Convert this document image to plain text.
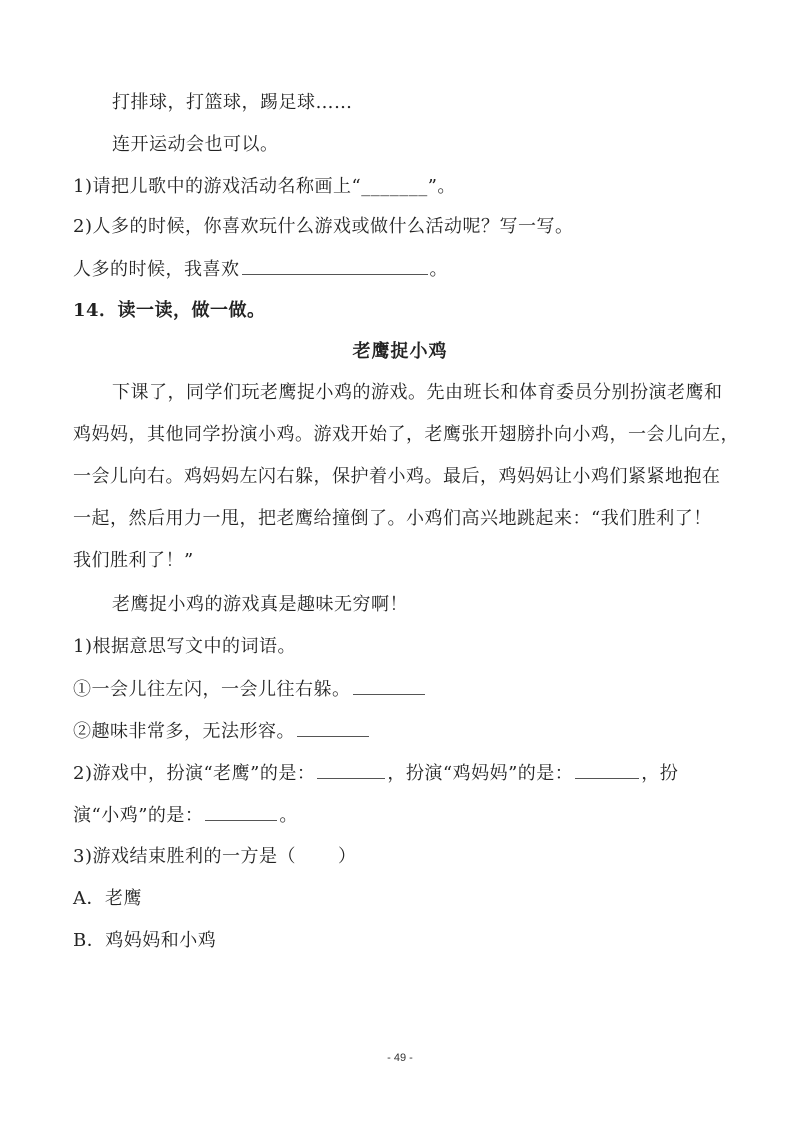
打排球，打篮球，踢足球……
连开运动会也可以。
1)请把儿歌中的游戏活动名称画上“_______”。
2)人多的时候，你喜欢玩什么游戏或做什么活动呢？写一写。
人多的时候，我喜欢	。
14．读一读，做一做。
老鹰捉小鸡
下课了，同学们玩老鹰捉小鸡的游戏。先由班长和体育委员分别扮演老鹰和
鸡妈妈，其他同学扮演小鸡。游戏开始了，老鹰张开翅膀扑向小鸡，一会儿向左，
一会儿向右。鸡妈妈左闪右躲，保护着小鸡。最后，鸡妈妈让小鸡们紧紧地抱在
一起，然后用力一甩，把老鹰给撞倒了。小鸡们高兴地跳起来：“我们胜利了！
我们胜利了！”
老鹰捉小鸡的游戏真是趣味无穷啊！
1)根据意思写文中的词语。
①一会儿往左闪，一会儿往右躲。
②趣味非常多，无法形容。
2)游戏中，扮演“老鹰”的是：	，扮演“鸡妈妈”的是：	，扮
演“小鸡”的是：	。
3)游戏结束胜利的一方是（ ）
A．老鹰
B．鸡妈妈和小鸡
- 49 -
